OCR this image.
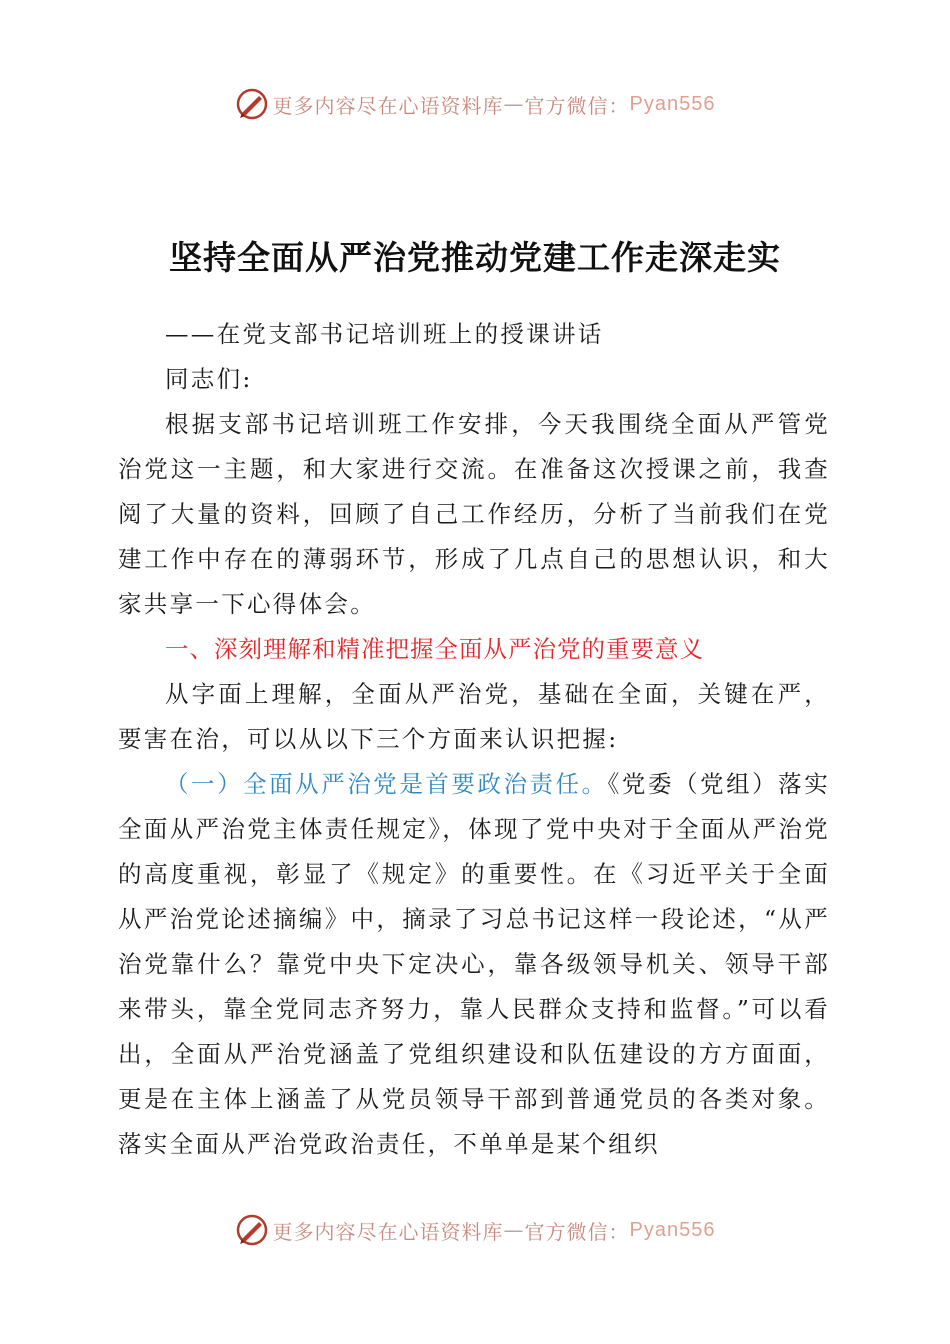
更多内容尽在心语资料库 — 官方微信： Pyan556
坚持全面从严治党推动党建工作走深走实

——在党支部书记培训班上的授课讲话

同志们:

根据支部书记培训班工作安排，今天我围绕全面从严管党治党这一主题，和大家进行交流。在准备这次授课之前，我查阅了大量的资料，回顾了自己工作经历，分析了当前我们在党建工作中存在的薄弱环节，形成了几点自己的思想认识，和大家共享一下心得体会。

一、深刻理解和精准把握全面从严治党的重要意义

从字面上理解，全面从严治党，基础在全面，关键在严，要害在治，可以从以下三个方面来认识把握:

（一）全面从严治党是首要政治责任。《党委（党组）落实全面从严治党主体责任规定》，体现了党中央对于全面从严治党的高度重视，彰显了《规定》的重要性。在《习近平关于全面从严治党论述摘编》中，摘录了习总书记这样一段论述，“从严治党靠什么？靠党中央下定决心，靠各级领导机关、领导干部来带头，靠全党同志齐努力，靠人民群众支持和监督。”可以看出，全面从严治党涵盖了党组织建设和队伍建设的方方面面，更是在主体上涵盖了从党员领导干部到普通党员的各类对象。落实全面从严治党政治责任，不单单是某个组织

更多内容尽在心语资料库 — 官方微信： Pyan556
